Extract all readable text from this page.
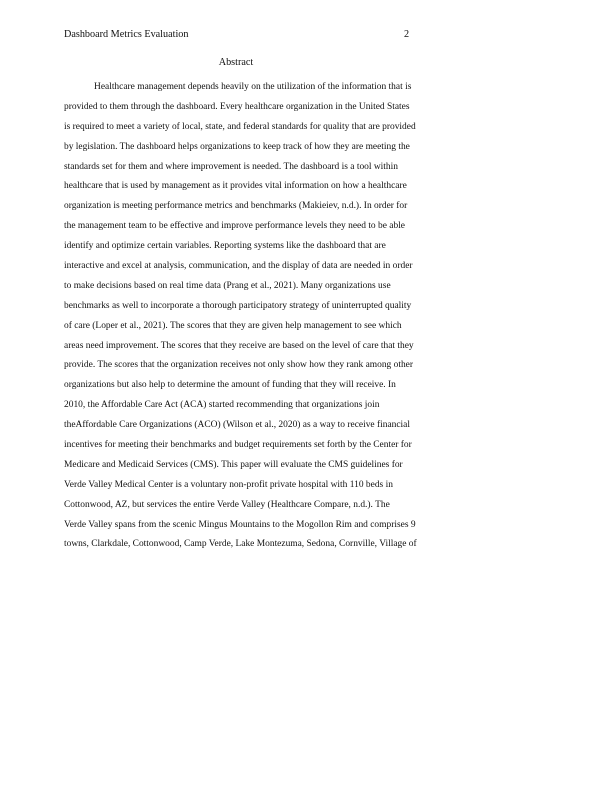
Dashboard Metrics Evaluation	2
Abstract
Healthcare management depends heavily on the utilization of the information that is
provided to them through the dashboard. Every healthcare organization in the United States
is required to meet a variety of local, state, and federal standards for quality that are provided
by legislation. The dashboard helps organizations to keep track of how they are meeting the
standards set for them and where improvement is needed. The dashboard is a tool within
healthcare that is used by management as it provides vital information on how a healthcare
organization is meeting performance metrics and benchmarks (Makieiev, n.d.). In order for
the management team to be effective and improve performance levels they need to be able
identify and optimize certain variables. Reporting systems like the dashboard that are
interactive and excel at analysis, communication, and the display of data are needed in order
to make decisions based on real time data (Prang et al., 2021). Many organizations use
benchmarks as well to incorporate a thorough participatory strategy of uninterrupted quality
of care (Loper et al., 2021). The scores that they are given help management to see which
areas need improvement. The scores that they receive are based on the level of care that they
provide. The scores that the organization receives not only show how they rank among other
organizations but also help to determine the amount of funding that they will receive. In
2010, the Affordable Care Act (ACA) started recommending that organizations join
theAffordable Care Organizations (ACO) (Wilson et al., 2020) as a way to receive financial
incentives for meeting their benchmarks and budget requirements set forth by the Center for
Medicare and Medicaid Services (CMS). This paper will evaluate the CMS guidelines for
Verde Valley Medical Center is a voluntary non-profit private hospital with 110 beds in
Cottonwood, AZ, but services the entire Verde Valley (Healthcare Compare, n.d.). The
Verde Valley spans from the scenic Mingus Mountains to the Mogollon Rim and comprises 9
towns, Clarkdale, Cottonwood, Camp Verde, Lake Montezuma, Sedona, Cornville, Village of
